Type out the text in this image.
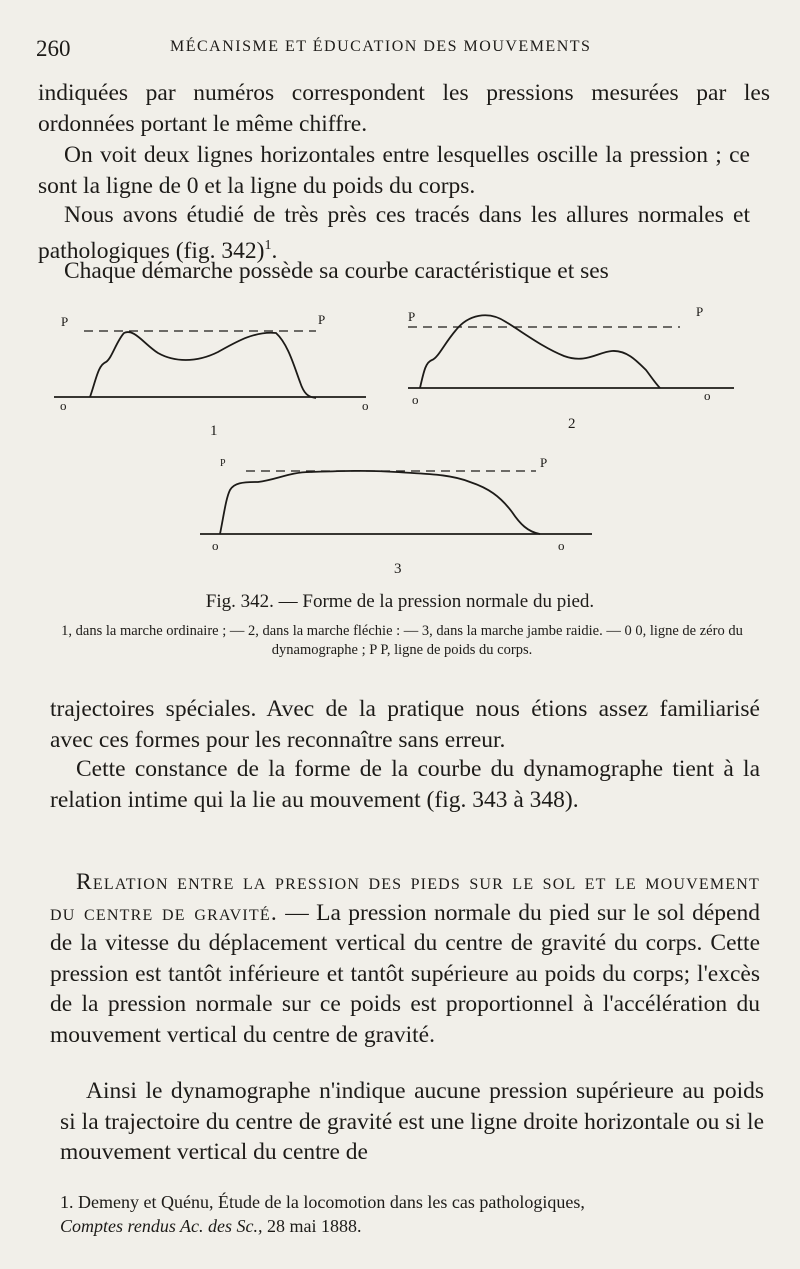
260	MÉCANISME ET ÉDUCATION DES MOUVEMENTS

indiquées par numéros correspondent les pressions mesurées par les ordonnées portant le même chiffre.

On voit deux lignes horizontales entre lesquelles oscille la pression ; ce sont la ligne de 0 et la ligne du poids du corps.

Nous avons étudié de très près ces tracés dans les allures normales et pathologiques (fig. 342)$^1$.

Chaque démarche possède sa courbe caractéristique et ses

P	P
o	o
1
P	P
o	o
2
P	P
o	o
3
Fig. 342. — Forme de la pression normale du pied.
1, dans la marche ordinaire ; — 2, dans la marche fléchie : — 3, dans la marche jambe raidie. — 0 0, ligne de zéro du dynamographe ; P P, ligne de poids du corps.

trajectoires spéciales. Avec de la pratique nous étions assez familiarisé avec ces formes pour les reconnaître sans erreur.

Cette constance de la forme de la courbe du dynamographe tient à la relation intime qui la lie au mouvement (fig. 343 à 348).

Relation entre la pression des pieds sur le sol et le mouvement du centre de gravité. — La pression normale du pied sur le sol dépend de la vitesse du déplacement vertical du centre de gravité du corps. Cette pression est tantôt inférieure et tantôt supérieure au poids du corps; l'excès de la pression normale sur ce poids est proportionnel à l'accélération du mouvement vertical du centre de gravité.

Ainsi le dynamographe n'indique aucune pression supérieure au poids si la trajectoire du centre de gravité est une ligne droite horizontale ou si le mouvement vertical du centre de

1. Demeny et Quénu, Étude de la locomotion dans les cas pathologiques,
Comptes rendus Ac. des Sc., 28 mai 1888.
